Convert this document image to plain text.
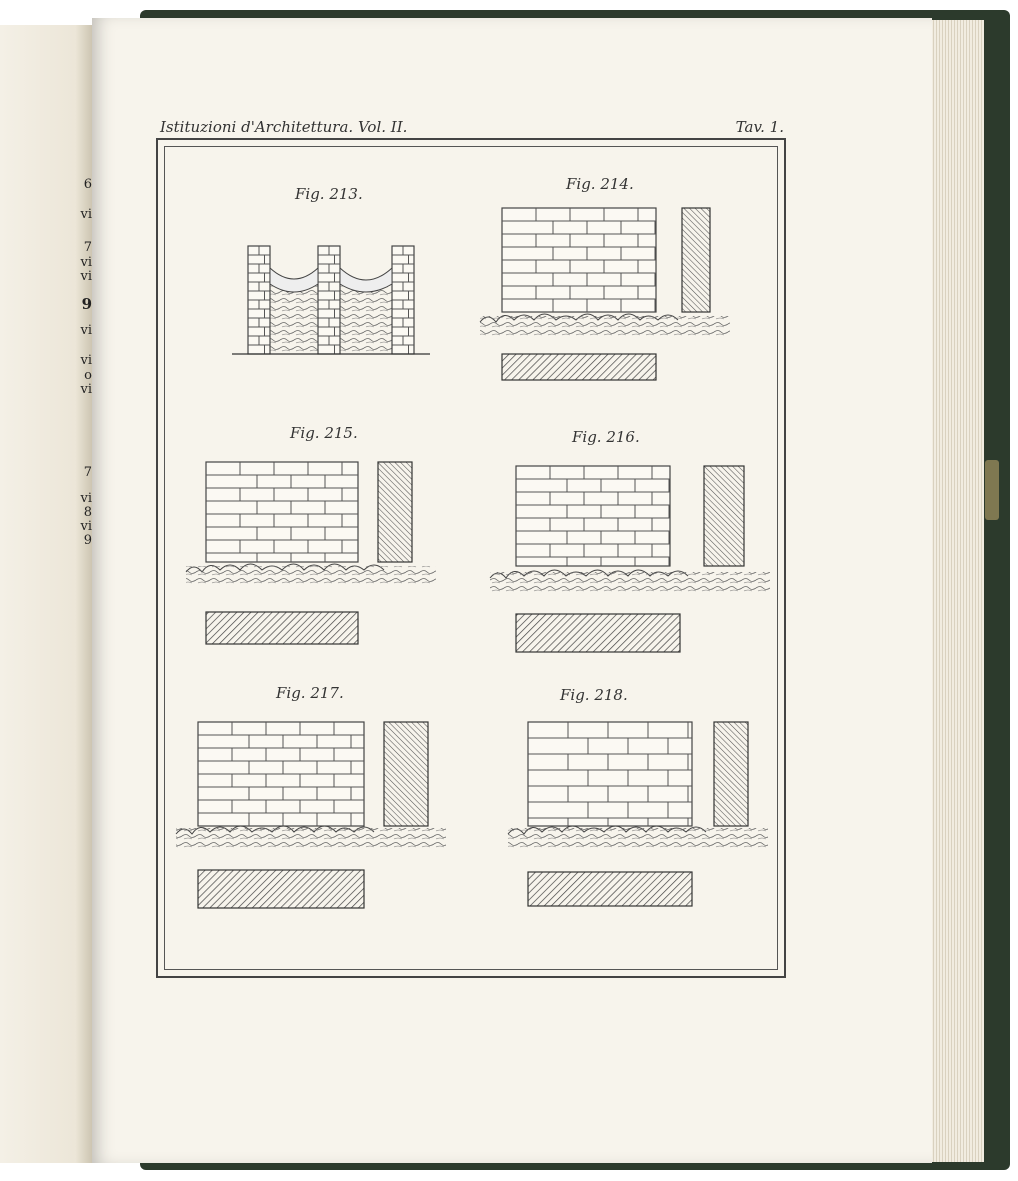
6
vi
7
vi
vi
9
vi
vi
o
vi
7
vi
8
vi
9
Istituzioni d'Architettura. Vol. II.	Tav. 1.
Fig. 213.
Fig. 214.
Fig. 215.	Fig. 216.
Fig. 217.	Fig. 218.
